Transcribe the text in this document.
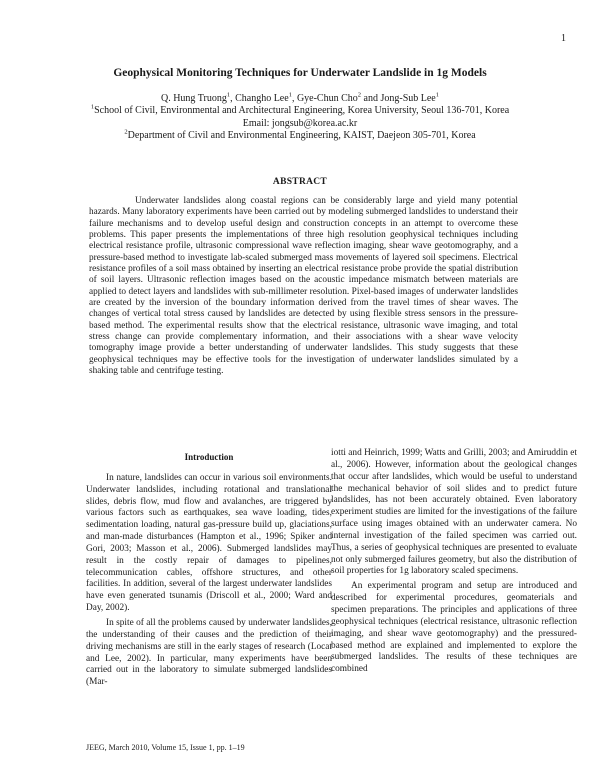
1
Geophysical Monitoring Techniques for Underwater Landslide in 1g Models

Q. Hung Truong$^1$, Changho Lee$^1$, Gye-Chun Cho$^2$ and Jong-Sub Lee$^1$

$^1$School of Civil, Environmental and Architectural Engineering, Korea University, Seoul 136-701, Korea

Email: jongsub@korea.ac.kr

$^2$Department of Civil and Environmental Engineering, KAIST, Daejeon 305-701, Korea

ABSTRACT

Underwater landslides along coastal regions can be considerably large and yield many potential hazards. Many laboratory experiments have been carried out by modeling submerged landslides to understand their failure mechanisms and to develop useful design and construction concepts in an attempt to overcome these problems. This paper presents the implementations of three high resolution geophysical techniques including electrical resistance profile, ultrasonic compressional wave reflection imaging, shear wave geotomography, and a pressure-based method to investigate lab-scaled submerged mass movements of layered soil specimens. Electrical resistance profiles of a soil mass obtained by inserting an electrical resistance probe provide the spatial distribution of soil layers. Ultrasonic reflection images based on the acoustic impedance mismatch between materials are applied to detect layers and landslides with sub-millimeter resolution. Pixel-based images of underwater landslides are created by the inversion of the boundary information derived from the travel times of shear waves. The changes of vertical total stress caused by landslides are detected by using flexible stress sensors in the pressure-based method. The experimental results show that the electrical resistance, ultrasonic wave imaging, and total stress change can provide complementary information, and their associations with a shear wave velocity tomography image provide a better understanding of underwater landslides. This study suggests that these geophysical techniques may be effective tools for the investigation of underwater landslides simulated by a shaking table and centrifuge testing.

Introduction

In nature, landslides can occur in various soil environments. Underwater landslides, including rotational and translational slides, debris flow, mud flow and avalanches, are triggered by various factors such as earthquakes, sea wave loading, tides, sedimentation loading, natural gas-pressure build up, glaciations, and man-made disturbances (Hampton et al., 1996; Spiker and Gori, 2003; Masson et al., 2006). Submerged landslides may result in the costly repair of damages to pipelines, telecommunication cables, offshore structures, and other facilities. In addition, several of the largest underwater landslides have even generated tsunamis (Driscoll et al., 2000; Ward and Day, 2002).

In spite of all the problems caused by underwater landslides, the understanding of their causes and the prediction of their driving mechanisms are still in the early stages of research (Locat and Lee, 2002). In particular, many experiments have been carried out in the laboratory to simulate submerged landslides (Mar-

iotti and Heinrich, 1999; Watts and Grilli, 2003; and Amiruddin et al., 2006). However, information about the geological changes that occur after landslides, which would be useful to understand the mechanical behavior of soil slides and to predict future landslides, has not been accurately obtained. Even laboratory experiment studies are limited for the investigations of the failure surface using images obtained with an underwater camera. No internal investigation of the failed specimen was carried out. Thus, a series of geophysical techniques are presented to evaluate not only submerged failures geometry, but also the distribution of soil properties for 1g laboratory scaled specimens.

An experimental program and setup are introduced and described for experimental procedures, geomaterials and specimen preparations. The principles and applications of three geophysical techniques (electrical resistance, ultrasonic reflection imaging, and shear wave geotomography) and the pressured-based method are explained and implemented to explore the submerged landslides. The results of these techniques are combined

JEEG, March 2010, Volume 15, Issue 1, pp. 1–19
